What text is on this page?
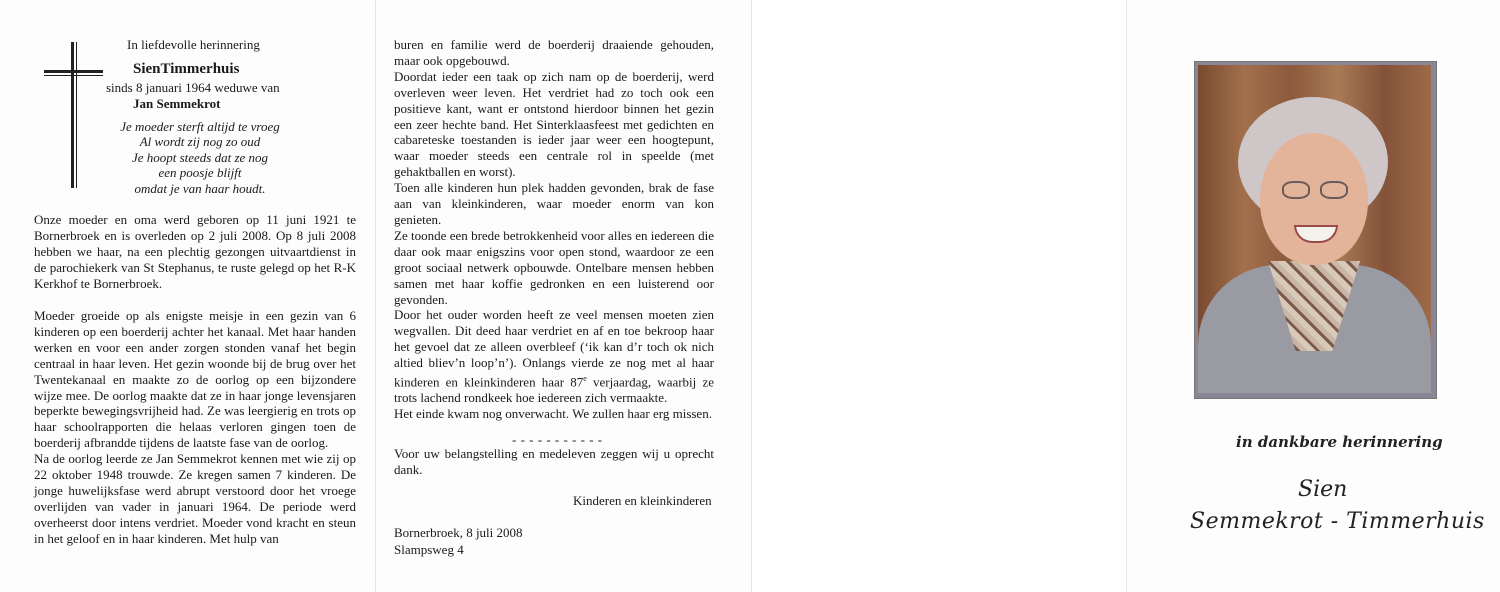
In liefdevolle herinnering
SienTimmerhuis
sinds 8 januari 1964 weduwe van
Jan Semmekrot
Je moeder sterft altijd te vroeg
Al wordt zij nog zo oud
Je hoopt steeds dat ze nog
een poosje blijft
omdat je van haar houdt.

Onze moeder en oma werd geboren op 11 juni 1921 te Bornerbroek en is overleden op 2 juli 2008. Op 8 juli 2008 hebben we haar, na een plechtig gezongen uitvaartdienst in de parochiekerk van St Stephanus, te ruste gelegd op het R-K Kerkhof te Bornerbroek.

Moeder groeide op als enigste meisje in een gezin van 6 kinderen op een boerderij achter het kanaal. Met haar handen werken en voor een ander zorgen stonden vanaf het begin centraal in haar leven. Het gezin woonde bij de brug over het Twentekanaal en maakte zo de oorlog op een bijzondere wijze mee. De oorlog maakte dat ze in haar jonge levensjaren beperkte bewegingsvrijheid had. Ze was leergierig en trots op haar schoolrapporten die helaas verloren gingen toen de boerderij afbrandde tijdens de laatste fase van de oorlog.
Na de oorlog leerde ze Jan Semmekrot kennen met wie zij op 22 oktober 1948 trouwde. Ze kregen samen 7 kinderen. De jonge huwelijksfase werd abrupt verstoord door het vroege overlijden van vader in januari 1964. De periode werd overheerst door intens verdriet. Moeder vond kracht en steun in het geloof en in haar kinderen. Met hulp van
buren en familie werd de boerderij draaiende gehouden, maar ook opgebouwd.
Doordat ieder een taak op zich nam op de boerderij, werd overleven weer leven. Het verdriet had zo toch ook een positieve kant, want er ontstond hierdoor binnen het gezin een zeer hechte band. Het Sinterklaasfeest met gedichten en cabareteske toestanden is ieder jaar weer een hoogtepunt, waar moeder steeds een centrale rol in speelde (met gehaktballen en worst).
Toen alle kinderen hun plek hadden gevonden, brak de fase aan van kleinkinderen, waar moeder enorm van kon genieten.
Ze toonde een brede betrokkenheid voor alles en iedereen die daar ook maar enigszins voor open stond, waardoor ze een groot sociaal netwerk opbouwde. Ontelbare mensen hebben samen met haar koffie gedronken en een luisterend oor gevonden.
Door het ouder worden heeft ze veel mensen moeten zien wegvallen. Dit deed haar verdriet en af en toe bekroop haar het gevoel dat ze alleen overbleef (‘ik kan d’r toch ok nich altied bliev’n loop’n’). Onlangs vierde ze nog met al haar kinderen en kleinkinderen haar 87e verjaardag, waarbij ze trots lachend rondkeek hoe iedereen zich vermaakte.
Het einde kwam nog onverwacht. We zullen haar erg missen.
- - - - - - - - - - -

Voor uw belangstelling en medeleven zeggen wij u oprecht dank.

Kinderen en kleinkinderen
Bornerbroek, 8 juli 2008
Slampsweg 4
in dankbare herinnering
Sien
Semmekrot - Timmerhuis
